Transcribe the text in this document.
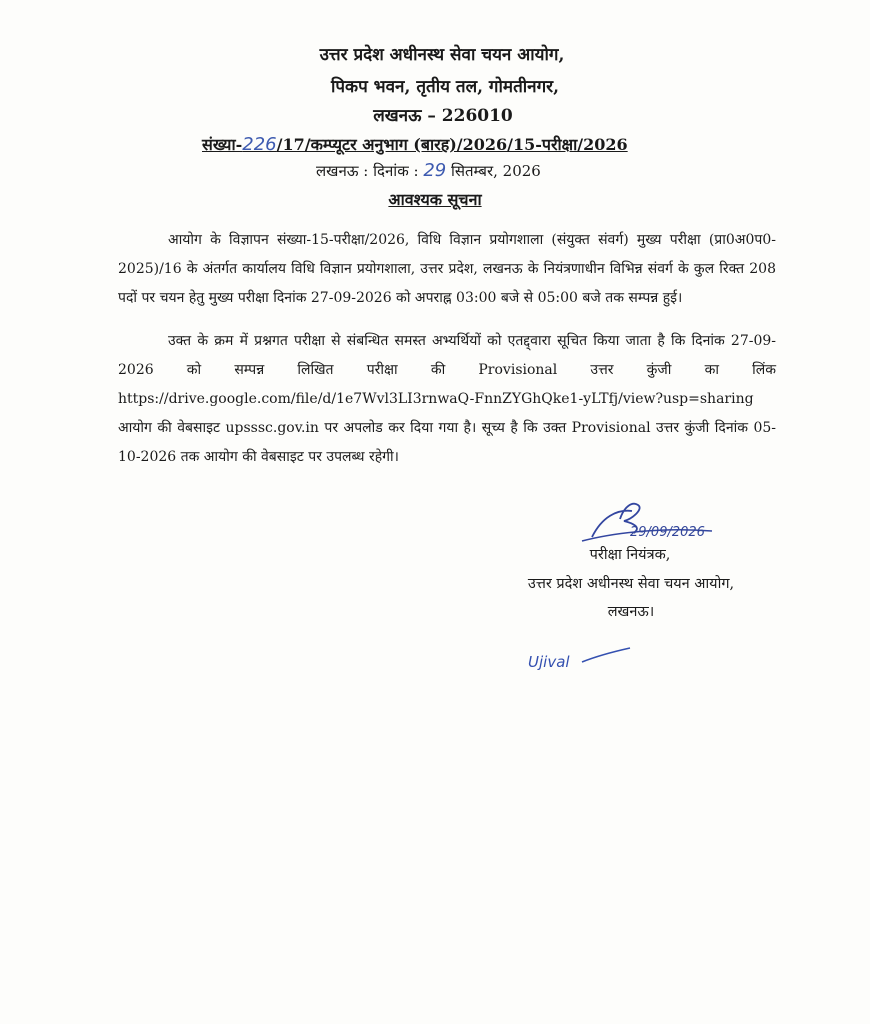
उत्तर प्रदेश अधीनस्थ सेवा चयन आयोग,
पिकप भवन, तृतीय तल, गोमतीनगर,
लखनऊ – 226010
संख्या-226/17/कम्प्यूटर अनुभाग (बारह)/2026/15-परीक्षा/2026
लखनऊ : दिनांक : 29 सितम्बर, 2026
आवश्यक सूचना
आयोग के विज्ञापन संख्या-15-परीक्षा/2026, विधि विज्ञान प्रयोगशाला (संयुक्त संवर्ग) मुख्य परीक्षा (प्रा0अ0प0-2025)/16 के अंतर्गत कार्यालय विधि विज्ञान प्रयोगशाला, उत्तर प्रदेश, लखनऊ के नियंत्रणाधीन विभिन्न संवर्ग के कुल रिक्त 208 पदों पर चयन हेतु मुख्य परीक्षा दिनांक 27-09-2026 को अपराह्न 03:00 बजे से 05:00 बजे तक सम्पन्न हुई।
उक्त के क्रम में प्रश्नगत परीक्षा से संबन्धित समस्त अभ्यर्थियों को एतद्द्वारा सूचित किया जाता है कि दिनांक 27-09-2026 को सम्पन्न लिखित परीक्षा की Provisional उत्तर कुंजी का लिंक https://drive.google.com/file/d/1e7Wvl3LI3rnwaQ-FnnZYGhQke1-yLTfj/view?usp=sharing आयोग की वेबसाइट upsssc.gov.in पर अपलोड कर दिया गया है। सूच्य है कि उक्त Provisional उत्तर कुंजी दिनांक 05-10-2026 तक आयोग की वेबसाइट पर उपलब्ध रहेगी।
29/09/2026
परीक्षा नियंत्रक,
उत्तर प्रदेश अधीनस्थ सेवा चयन आयोग,
लखनऊ।
Ujival
